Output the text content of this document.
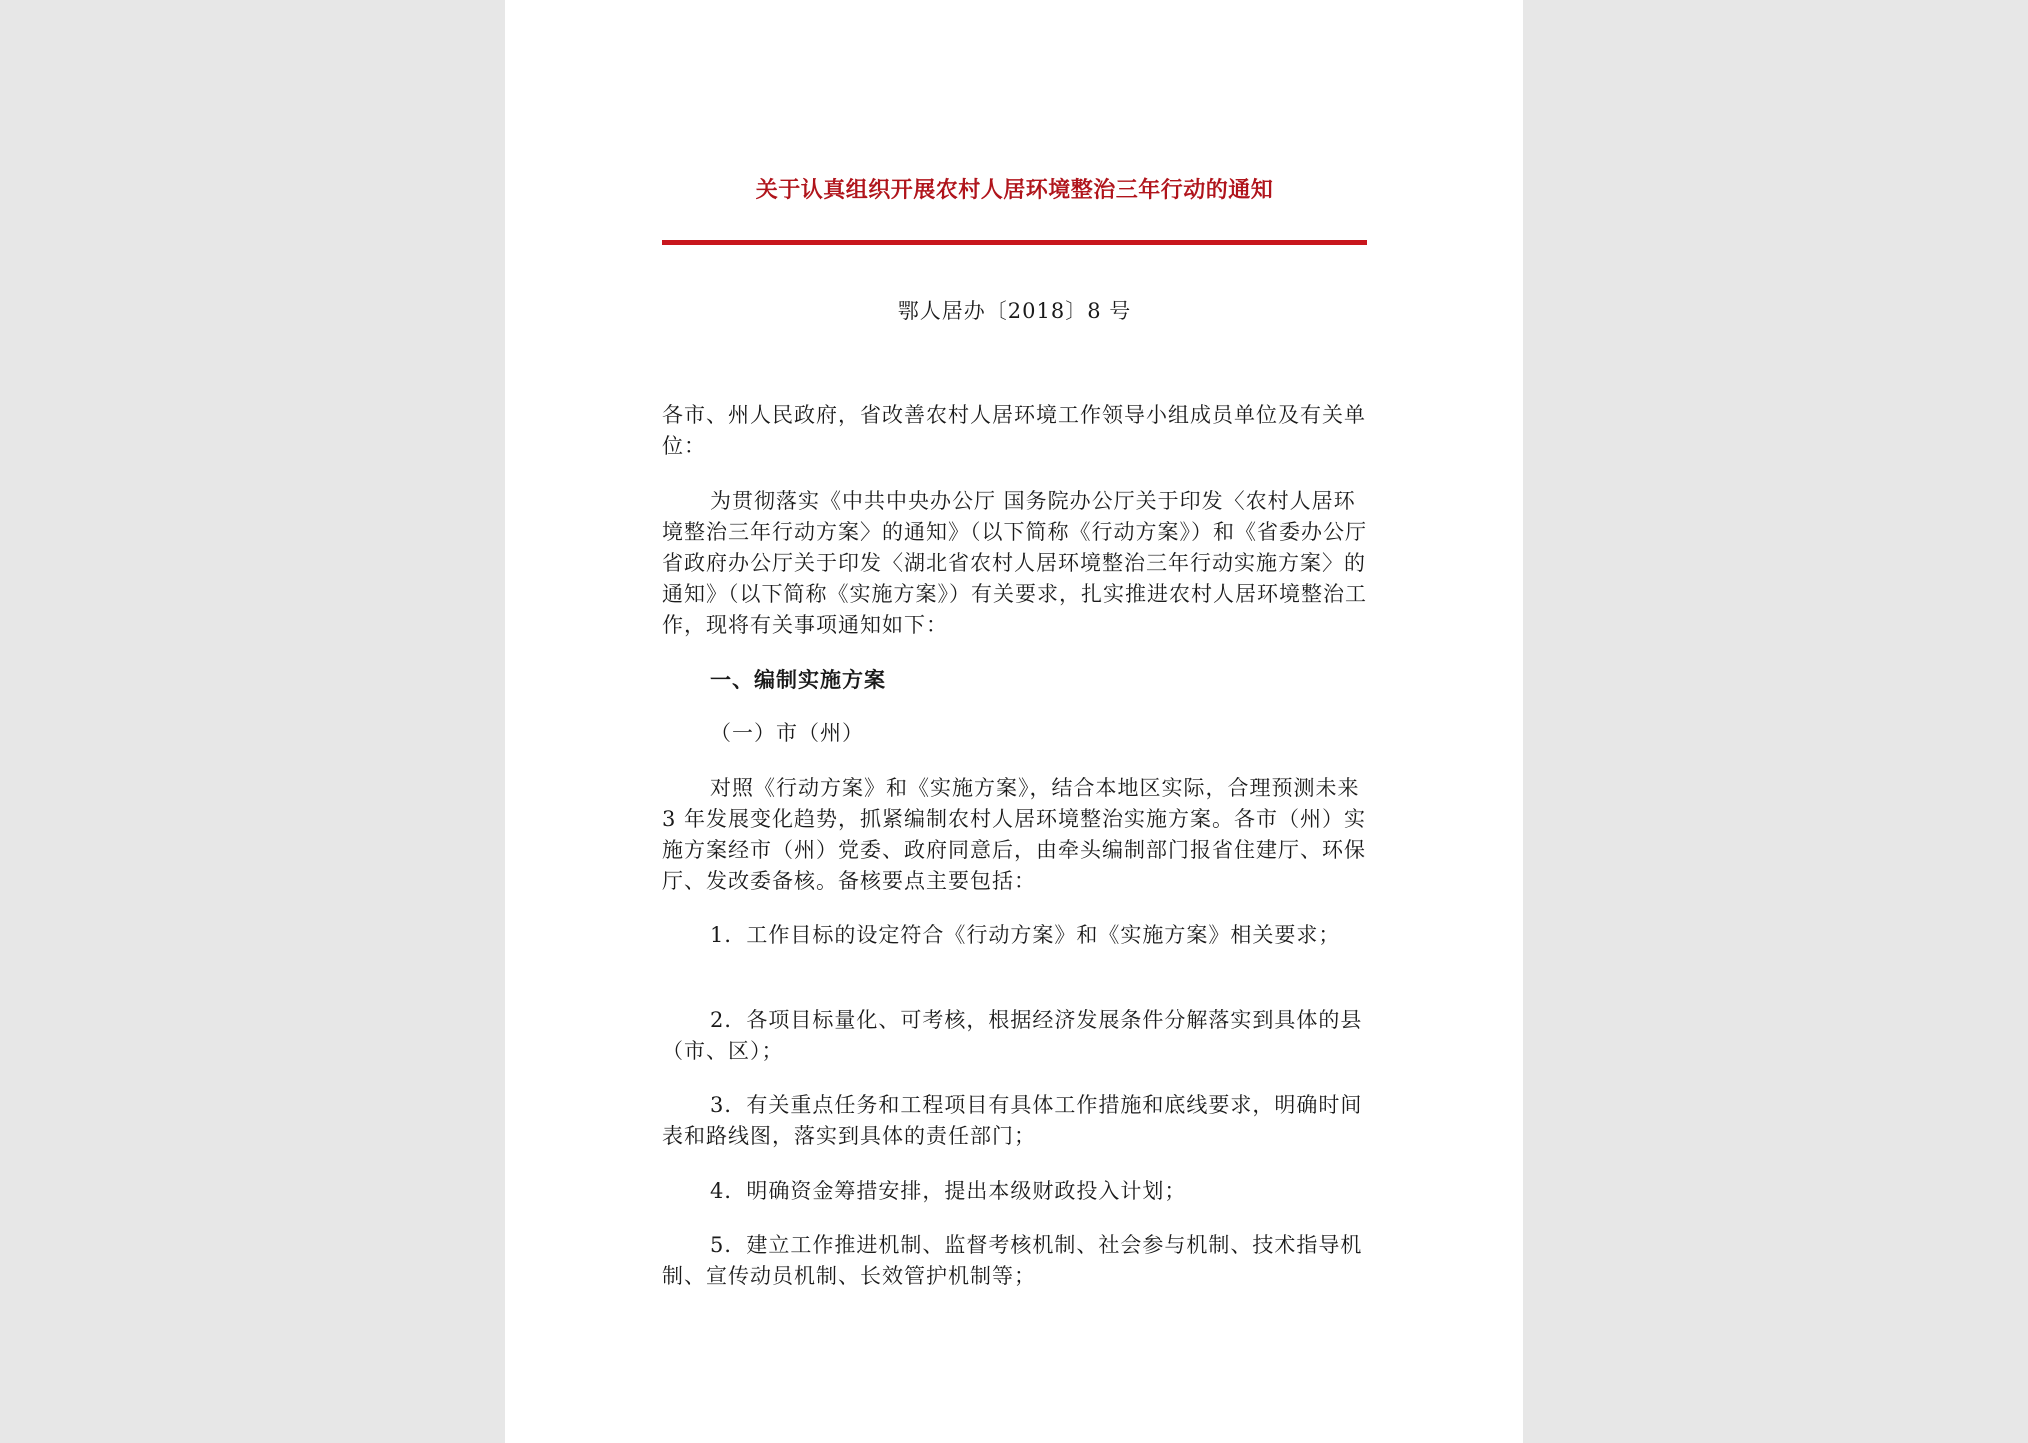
关于认真组织开展农村人居环境整治三年行动的通知
鄂人居办〔2018〕8 号

各市、州人民政府，省改善农村人居环境工作领导小组成员单位及有关单位：

为贯彻落实《中共中央办公厅 国务院办公厅关于印发〈农村人居环境整治三年行动方案〉的通知》（以下简称《行动方案》）和《省委办公厅 省政府办公厅关于印发〈湖北省农村人居环境整治三年行动实施方案〉的通知》（以下简称《实施方案》）有关要求，扎实推进农村人居环境整治工作，现将有关事项通知如下：

一、编制实施方案

（一）市（州）

对照《行动方案》和《实施方案》，结合本地区实际，合理预测未来 3 年发展变化趋势，抓紧编制农村人居环境整治实施方案。各市（州）实施方案经市（州）党委、政府同意后，由牵头编制部门报省住建厅、环保厅、发改委备核。备核要点主要包括：

1．工作目标的设定符合《行动方案》和《实施方案》相关要求；

2．各项目标量化、可考核，根据经济发展条件分解落实到具体的县（市、区）；

3．有关重点任务和工程项目有具体工作措施和底线要求，明确时间表和路线图，落实到具体的责任部门；

4．明确资金筹措安排，提出本级财政投入计划；

5．建立工作推进机制、监督考核机制、社会参与机制、技术指导机制、宣传动员机制、长效管护机制等；
